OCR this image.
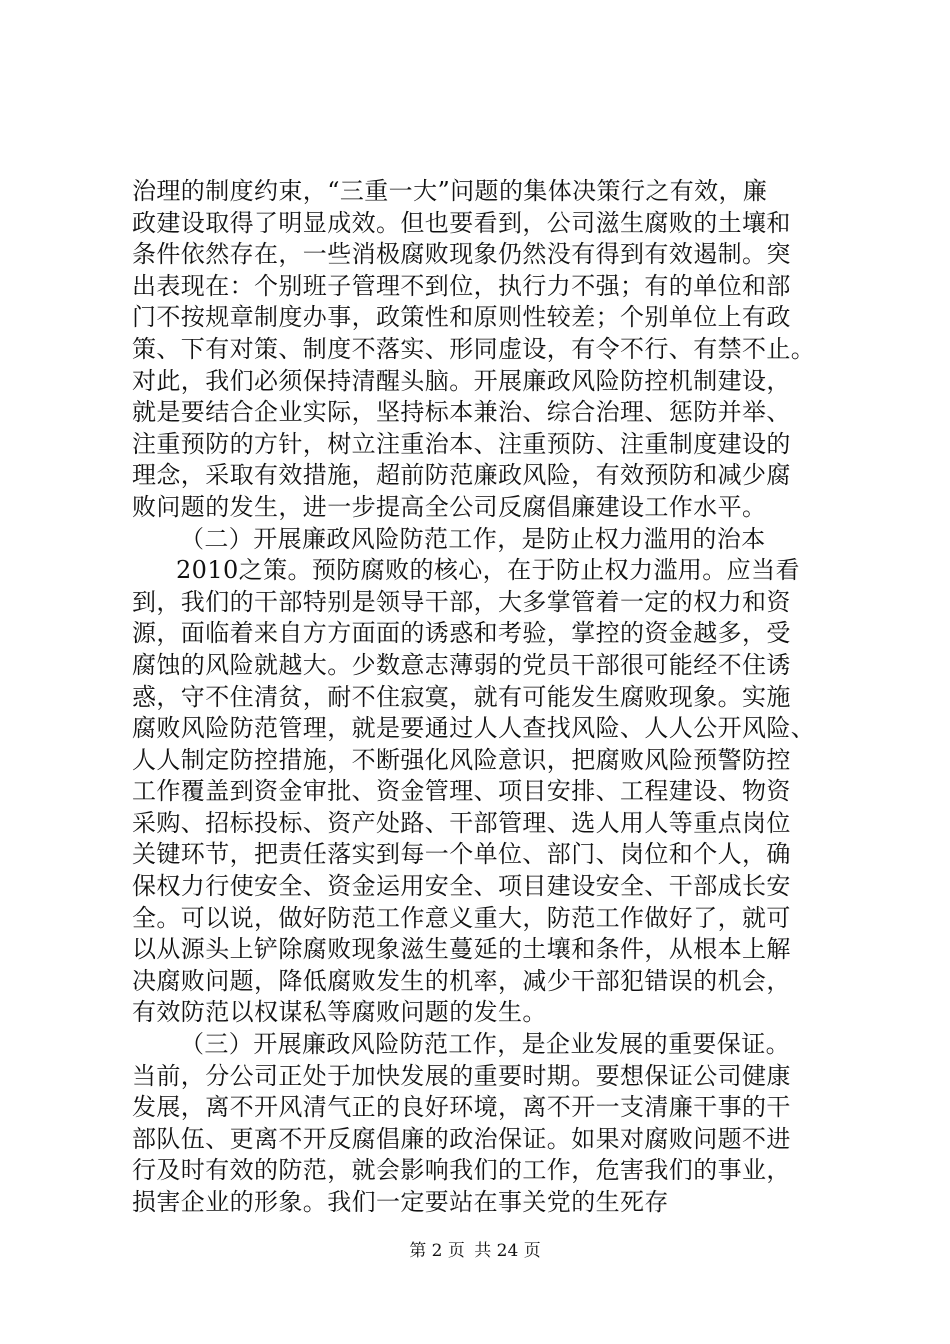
治理的制度约束，“三重一大”问题的集体决策行之有效，廉
政建设取得了明显成效。但也要看到，公司滋生腐败的土壤和
条件依然存在，一些消极腐败现象仍然没有得到有效遏制。突
出表现在：个别班子管理不到位，执行力不强；有的单位和部
门不按规章制度办事，政策性和原则性较差；个别单位上有政
策、下有对策、制度不落实、形同虚设，有令不行、有禁不止。
对此，我们必须保持清醒头脑。开展廉政风险防控机制建设，
就是要结合企业实际，坚持标本兼治、综合治理、惩防并举、
注重预防的方针，树立注重治本、注重预防、注重制度建设的
理念，采取有效措施，超前防范廉政风险，有效预防和减少腐
败问题的发生，进一步提高全公司反腐倡廉建设工作水平。
（二）开展廉政风险防范工作，是防止权力滥用的治本
2010之策。预防腐败的核心，在于防止权力滥用。应当看
到，我们的干部特别是领导干部，大多掌管着一定的权力和资
源，面临着来自方方面面的诱惑和考验，掌控的资金越多，受
腐蚀的风险就越大。少数意志薄弱的党员干部很可能经不住诱
惑，守不住清贫，耐不住寂寞，就有可能发生腐败现象。实施
腐败风险防范管理，就是要通过人人查找风险、人人公开风险、
人人制定防控措施，不断强化风险意识，把腐败风险预警防控
工作覆盖到资金审批、资金管理、项目安排、工程建设、物资
采购、招标投标、资产处路、干部管理、选人用人等重点岗位
关键环节，把责任落实到每一个单位、部门、岗位和个人，确
保权力行使安全、资金运用安全、项目建设安全、干部成长安
全。可以说，做好防范工作意义重大，防范工作做好了，就可
以从源头上铲除腐败现象滋生蔓延的土壤和条件，从根本上解
决腐败问题，降低腐败发生的机率，减少干部犯错误的机会，
有效防范以权谋私等腐败问题的发生。
（三）开展廉政风险防范工作，是企业发展的重要保证。
当前，分公司正处于加快发展的重要时期。要想保证公司健康
发展，离不开风清气正的良好环境，离不开一支清廉干事的干
部队伍、更离不开反腐倡廉的政治保证。如果对腐败问题不进
行及时有效的防范，就会影响我们的工作，危害我们的事业，
损害企业的形象。我们一定要站在事关党的生死存
第 2 页 共 24 页
